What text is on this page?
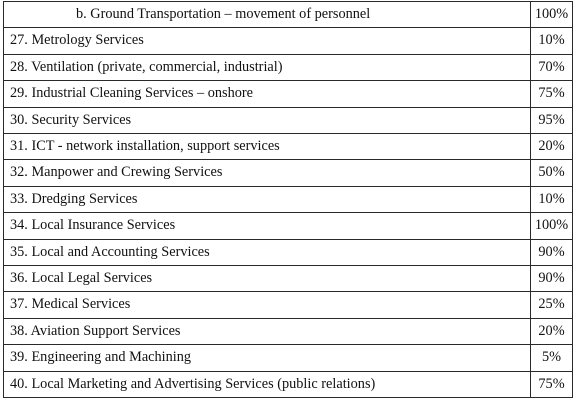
b. Ground Transportation – movement of personnel	100%
27. Metrology Services	10%
28. Ventilation (private, commercial, industrial)	70%
29. Industrial Cleaning Services – onshore	75%
30. Security Services	95%
31. ICT - network installation, support services	20%
32. Manpower and Crewing Services	50%
33. Dredging Services	10%
34. Local Insurance Services	100%
35. Local and Accounting Services	90%
36. Local Legal Services	90%
37. Medical Services	25%
38. Aviation Support Services	20%
39. Engineering and Machining	5%
40. Local Marketing and Advertising Services (public relations)	75%
